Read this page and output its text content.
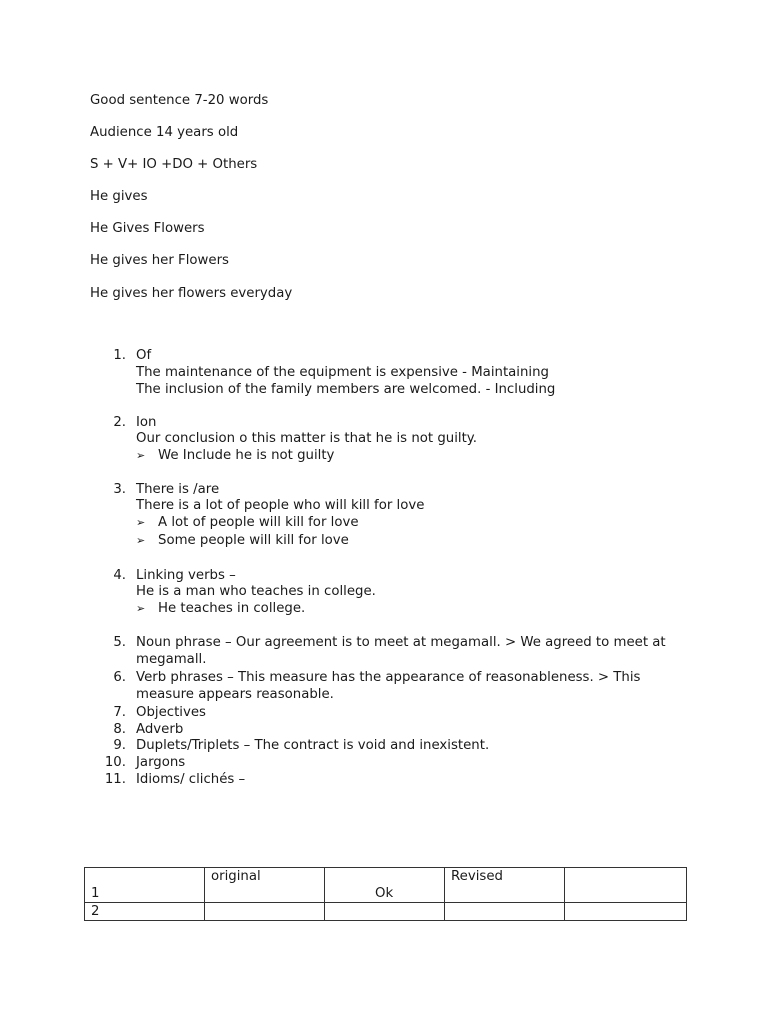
Good sentence 7-20 words
Audience 14 years old
S + V+ IO +DO + Others
He gives
He Gives Flowers
He gives her Flowers
He gives her flowers everyday
1. Of
The maintenance of the equipment is expensive - Maintaining
The inclusion of the family members are welcomed. - Including
2. Ion
Our conclusion o this matter is that he is not guilty.
➢ We Include he is not guilty
3. There is /are
There is a lot of people who will kill for love
➢ A lot of people will kill for love
➢ Some people will kill for love
4. Linking verbs –
He is a man who teaches in college.
➢ He teaches in college.
5. Noun phrase – Our agreement is to meet at megamall. > We agreed to meet at megamall.
6. Verb phrases – This measure has the appearance of reasonableness. > This measure appears reasonable.
7. Objectives
8. Adverb
9. Duplets/Triplets – The contract is void and inexistent.
10. Jargons
11. Idioms/ clichés –
1	original	Ok	Revised	

2				
